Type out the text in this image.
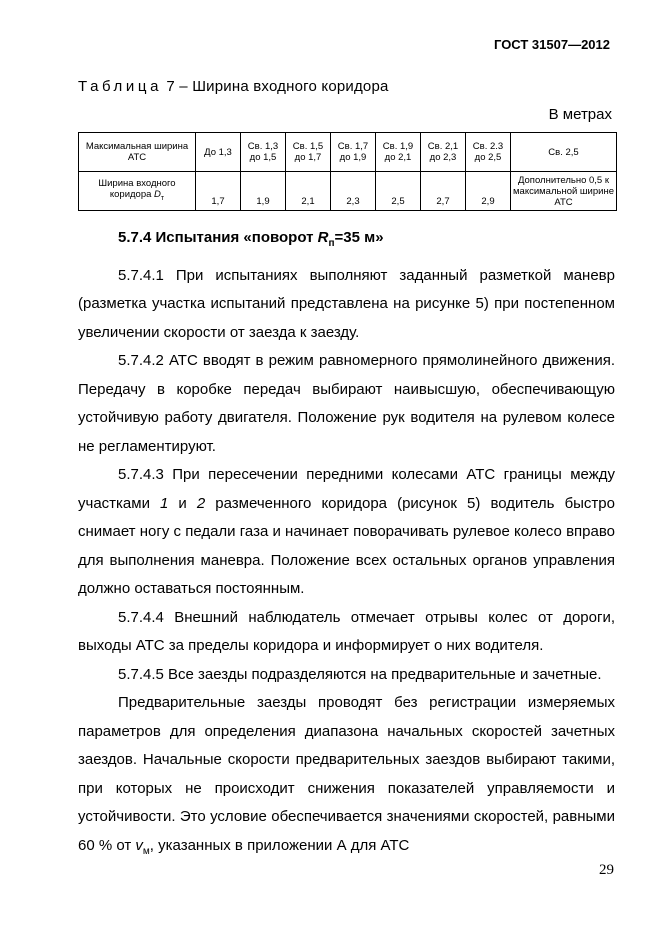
ГОСТ 31507—2012
Таблица 7 – Ширина входного коридора
В метрах
Максимальная ширина АТС	До 1,3	Св. 1,3 до 1,5	Св. 1,5 до 1,7	Св. 1,7 до 1,9	Св. 1,9 до 2,1	Св. 2,1 до 2,3	Св. 2.3 до 2,5	Св. 2,5
Ширина входного коридора $D_т$	1,7	1,9	2,1	2,3	2,5	2,7	2,9	Дополнительно 0,5 к максимальной ширине АТС

5.7.4 Испытания «поворот $R_п=35$ м»

5.7.4.1 При испытаниях выполняют заданный разметкой маневр (разметка участка испытаний представлена на рисунке 5) при постепенном увеличении скорости от заезда к заезду.

5.7.4.2 АТС вводят в режим равномерного прямолинейного движения. Передачу в коробке передач выбирают наивысшую, обеспечивающую устойчивую работу двигателя. Положение рук водителя на рулевом колесе не регламентируют.

5.7.4.3 При пересечении передними колесами АТС границы между участками 1 и 2 размеченного коридора (рисунок 5) водитель быстро снимает ногу с педали газа и начинает поворачивать рулевое колесо вправо для выполнения маневра. Положение всех остальных органов управления должно оставаться постоянным.

5.7.4.4 Внешний наблюдатель отмечает отрывы колес от дороги, выходы АТС за пределы коридора и информирует о них водителя.

5.7.4.5 Все заезды подразделяются на предварительные и зачетные.

Предварительные заезды проводят без регистрации измеряемых параметров для определения диапазона начальных скоростей зачетных заездов. Начальные скорости предварительных заездов выбирают такими, при которых не происходит снижения показателей управляемости и устойчивости. Это условие обеспечивается значениями скоростей, равными 60 % от $v_м$, указанных в приложении А для АТС

29
